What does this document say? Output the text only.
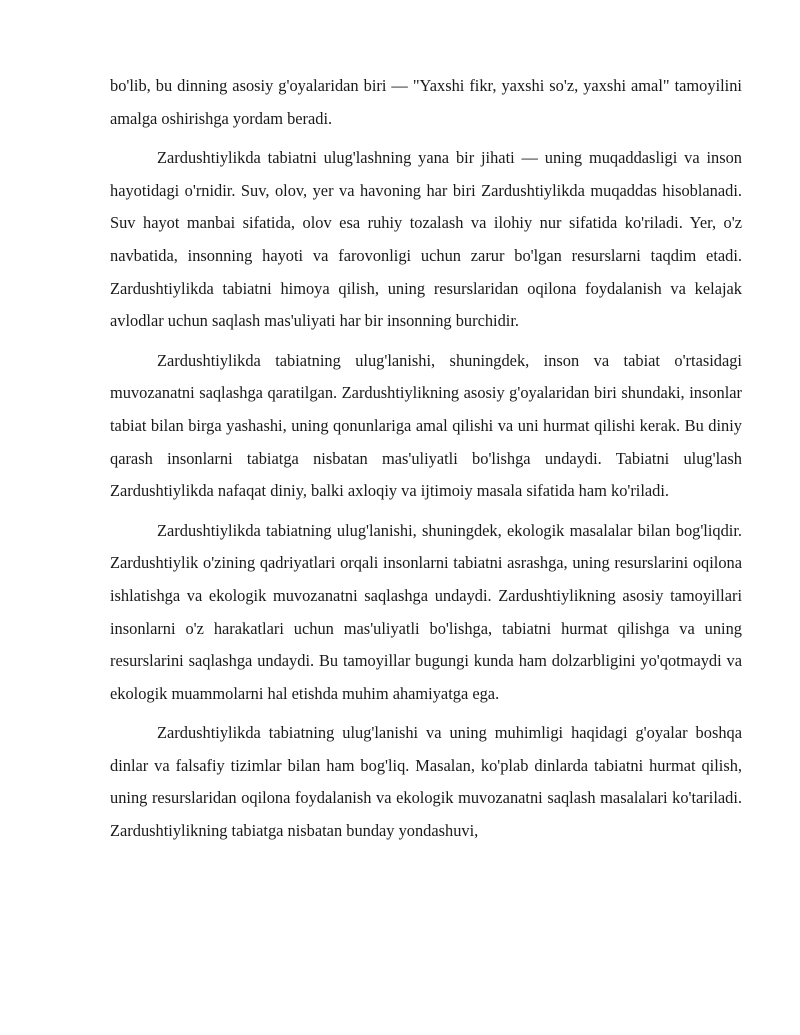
bo'lib, bu dinning asosiy g'oyalaridan biri — "Yaxshi fikr, yaxshi so'z, yaxshi amal" tamoyilini amalga oshirishga yordam beradi.

Zardushtiylikda tabiatni ulug'lashning yana bir jihati — uning muqaddasligi va inson hayotidagi o'rnidir. Suv, olov, yer va havoning har biri Zardushtiylikda muqaddas hisoblanadi. Suv hayot manbai sifatida, olov esa ruhiy tozalash va ilohiy nur sifatida ko'riladi. Yer, o'z navbatida, insonning hayoti va farovonligi uchun zarur bo'lgan resurslarni taqdim etadi. Zardushtiylikda tabiatni himoya qilish, uning resurslaridan oqilona foydalanish va kelajak avlodlar uchun saqlash mas'uliyati har bir insonning burchidir.

Zardushtiylikda tabiatning ulug'lanishi, shuningdek, inson va tabiat o'rtasidagi muvozanatni saqlashga qaratilgan. Zardushtiylikning asosiy g'oyalaridan biri shundaki, insonlar tabiat bilan birga yashashi, uning qonunlariga amal qilishi va uni hurmat qilishi kerak. Bu diniy qarash insonlarni tabiatga nisbatan mas'uliyatli bo'lishga undaydi. Tabiatni ulug'lash Zardushtiylikda nafaqat diniy, balki axloqiy va ijtimoiy masala sifatida ham ko'riladi.

Zardushtiylikda tabiatning ulug'lanishi, shuningdek, ekologik masalalar bilan bog'liqdir. Zardushtiylik o'zining qadriyatlari orqali insonlarni tabiatni asrashga, uning resurslarini oqilona ishlatishga va ekologik muvozanatni saqlashga undaydi. Zardushtiylikning asosiy tamoyillari insonlarni o'z harakatlari uchun mas'uliyatli bo'lishga, tabiatni hurmat qilishga va uning resurslarini saqlashga undaydi. Bu tamoyillar bugungi kunda ham dolzarbligini yo'qotmaydi va ekologik muammolarni hal etishda muhim ahamiyatga ega.

Zardushtiylikda tabiatning ulug'lanishi va uning muhimligi haqidagi g'oyalar boshqa dinlar va falsafiy tizimlar bilan ham bog'liq. Masalan, ko'plab dinlarda tabiatni hurmat qilish, uning resurslaridan oqilona foydalanish va ekologik muvozanatni saqlash masalalari ko'tariladi. Zardushtiylikning tabiatga nisbatan bunday yondashuvi,
